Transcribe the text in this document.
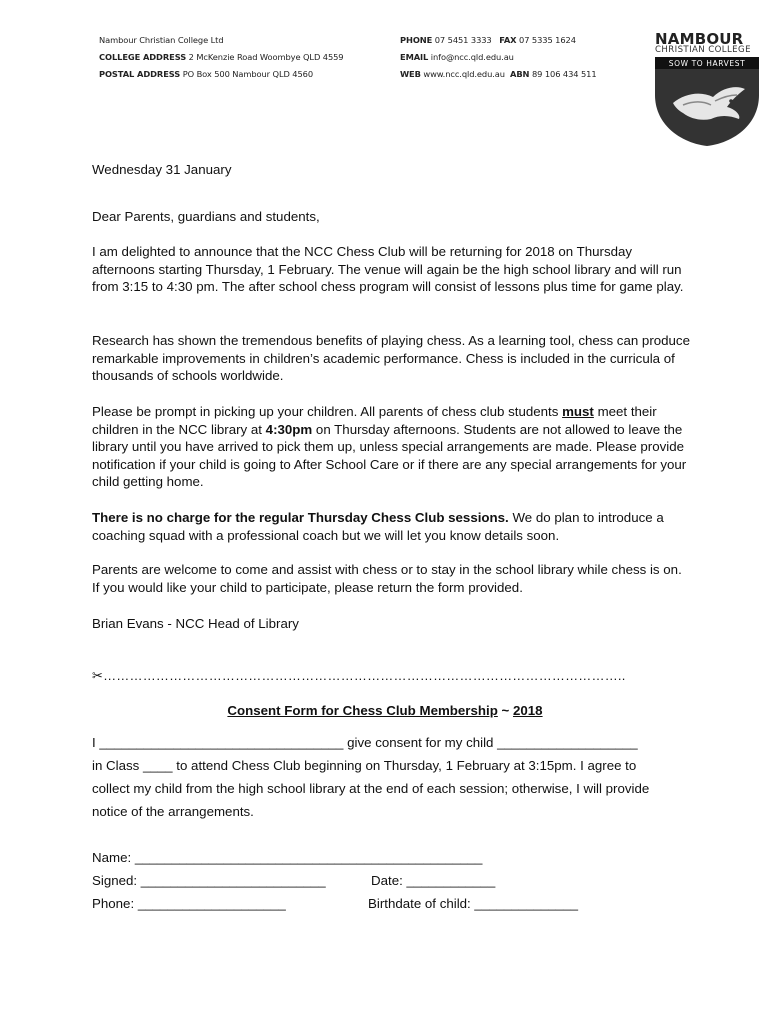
Nambour Christian College Ltd
COLLEGE ADDRESS 2 McKenzie Road Woombye QLD 4559
POSTAL ADDRESS PO Box 500 Nambour QLD 4560
PHONE 07 5451 3333 FAX 07 5335 1624
EMAIL info@ncc.qld.edu.au
WEB www.ncc.qld.edu.au ABN 89 106 434 511
NAMBOUR
CHRISTIAN COLLEGE
SOW TO HARVEST
Wednesday 31 January
Dear Parents, guardians and students,
I am delighted to announce that the NCC Chess Club will be returning for 2018 on Thursday afternoons starting Thursday, 1 February. The venue will again be the high school library and will run from 3:15 to 4:30 pm. The after school chess program will consist of lessons plus time for game play.
Research has shown the tremendous benefits of playing chess. As a learning tool, chess can produce remarkable improvements in children’s academic performance. Chess is included in the curricula of thousands of schools worldwide.
Please be prompt in picking up your children. All parents of chess club students must meet their children in the NCC library at 4:30pm on Thursday afternoons. Students are not allowed to leave the library until you have arrived to pick them up, unless special arrangements are made. Please provide notification if your child is going to After School Care or if there are any special arrangements for your child getting home.
There is no charge for the regular Thursday Chess Club sessions. We do plan to introduce a coaching squad with a professional coach but we will let you know details soon.
Parents are welcome to come and assist with chess or to stay in the school library while chess is on. If you would like your child to participate, please return the form provided.
Brian Evans - NCC Head of Library
✂………………………………………………………………………………………………………..
Consent Form for Chess Club Membership ~ 2018
I _________________________________ give consent for my child ___________________
in Class ____ to attend Chess Club beginning on Thursday, 1 February at 3:15pm. I agree to
collect my child from the high school library at the end of each session; otherwise, I will provide
notice of the arrangements.
Name: _______________________________________________
Signed: _________________________	Date: ____________
Phone: ____________________	Birthdate of child: ______________
